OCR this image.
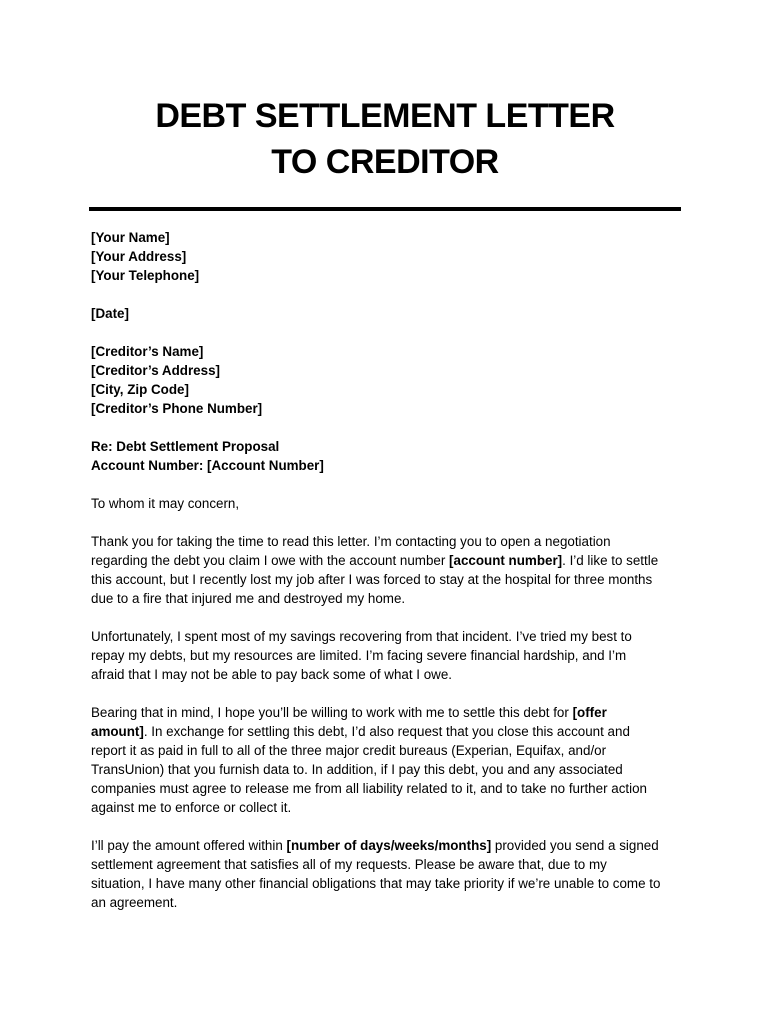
DEBT SETTLEMENT LETTER
TO CREDITOR
[Your Name]
[Your Address]
[Your Telephone]
[Date]
[Creditor’s Name]
[Creditor’s Address]
[City, Zip Code]
[Creditor’s Phone Number]
Re: Debt Settlement Proposal
Account Number: [Account Number]

To whom it may concern,

Thank you for taking the time to read this letter. I’m contacting you to open a negotiation
regarding the debt you claim I owe with the account number [account number]. I’d like to settle
this account, but I recently lost my job after I was forced to stay at the hospital for three months
due to a fire that injured me and destroyed my home.

Unfortunately, I spent most of my savings recovering from that incident. I’ve tried my best to
repay my debts, but my resources are limited. I’m facing severe financial hardship, and I’m
afraid that I may not be able to pay back some of what I owe.

Bearing that in mind, I hope you’ll be willing to work with me to settle this debt for [offer
amount]. In exchange for settling this debt, I’d also request that you close this account and
report it as paid in full to all of the three major credit bureaus (Experian, Equifax, and/or
TransUnion) that you furnish data to. In addition, if I pay this debt, you and any associated
companies must agree to release me from all liability related to it, and to take no further action
against me to enforce or collect it.

I’ll pay the amount offered within [number of days/weeks/months] provided you send a signed
settlement agreement that satisfies all of my requests. Please be aware that, due to my
situation, I have many other financial obligations that may take priority if we’re unable to come to
an agreement.
